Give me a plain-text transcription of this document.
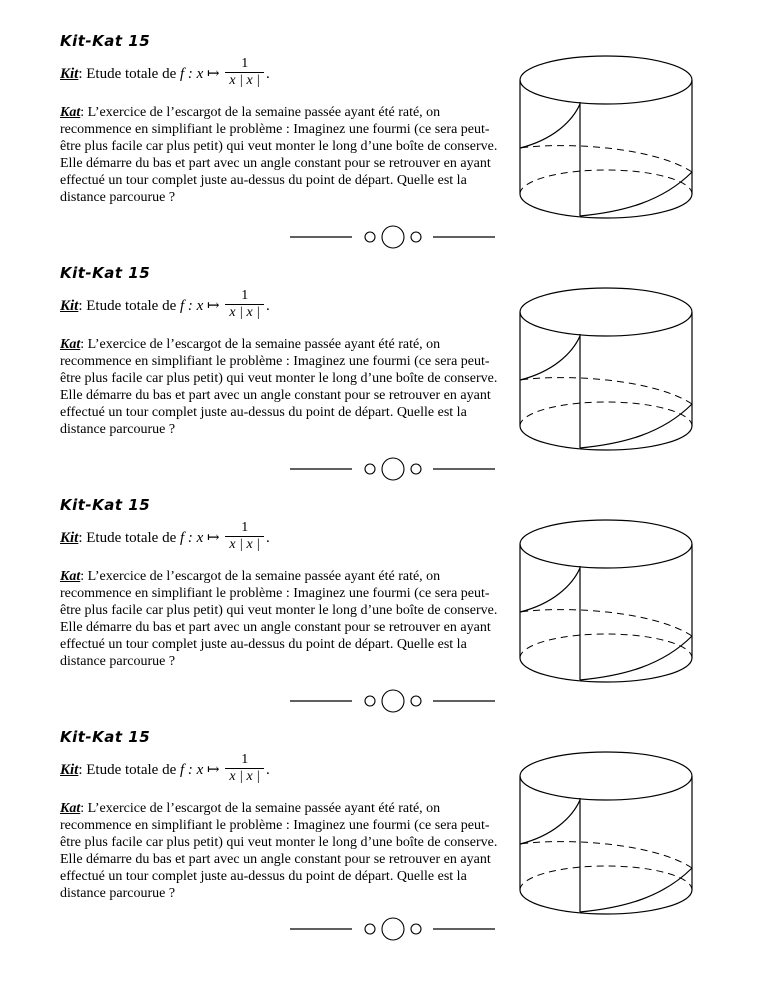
Kit-Kat 15
Kit: Etude totale de f : x ↦ $\frac{1}{x | x |}$ .
Kat: L’exercice de l’escargot de la semaine passée ayant été raté, on recommence en simplifiant le problème : Imaginez une fourmi (ce sera peut-être plus facile car plus petit) qui veut monter le long d’une boîte de conserve. Elle démarre du bas et part avec un angle constant pour se retrouver en ayant effectué un tour complet juste au-dessus du point de départ. Quelle est la distance parcourue ?
Kit-Kat 15
Kit: Etude totale de f : x ↦ $\frac{1}{x | x |}$ .
Kat: L’exercice de l’escargot de la semaine passée ayant été raté, on recommence en simplifiant le problème : Imaginez une fourmi (ce sera peut-être plus facile car plus petit) qui veut monter le long d’une boîte de conserve. Elle démarre du bas et part avec un angle constant pour se retrouver en ayant effectué un tour complet juste au-dessus du point de départ. Quelle est la distance parcourue ?
Kit-Kat 15
Kit: Etude totale de f : x ↦ $\frac{1}{x | x |}$ .
Kat: L’exercice de l’escargot de la semaine passée ayant été raté, on recommence en simplifiant le problème : Imaginez une fourmi (ce sera peut-être plus facile car plus petit) qui veut monter le long d’une boîte de conserve. Elle démarre du bas et part avec un angle constant pour se retrouver en ayant effectué un tour complet juste au-dessus du point de départ. Quelle est la distance parcourue ?
Kit-Kat 15
Kit: Etude totale de f : x ↦ $\frac{1}{x | x |}$ .
Kat: L’exercice de l’escargot de la semaine passée ayant été raté, on recommence en simplifiant le problème : Imaginez une fourmi (ce sera peut-être plus facile car plus petit) qui veut monter le long d’une boîte de conserve. Elle démarre du bas et part avec un angle constant pour se retrouver en ayant effectué un tour complet juste au-dessus du point de départ. Quelle est la distance parcourue ?
